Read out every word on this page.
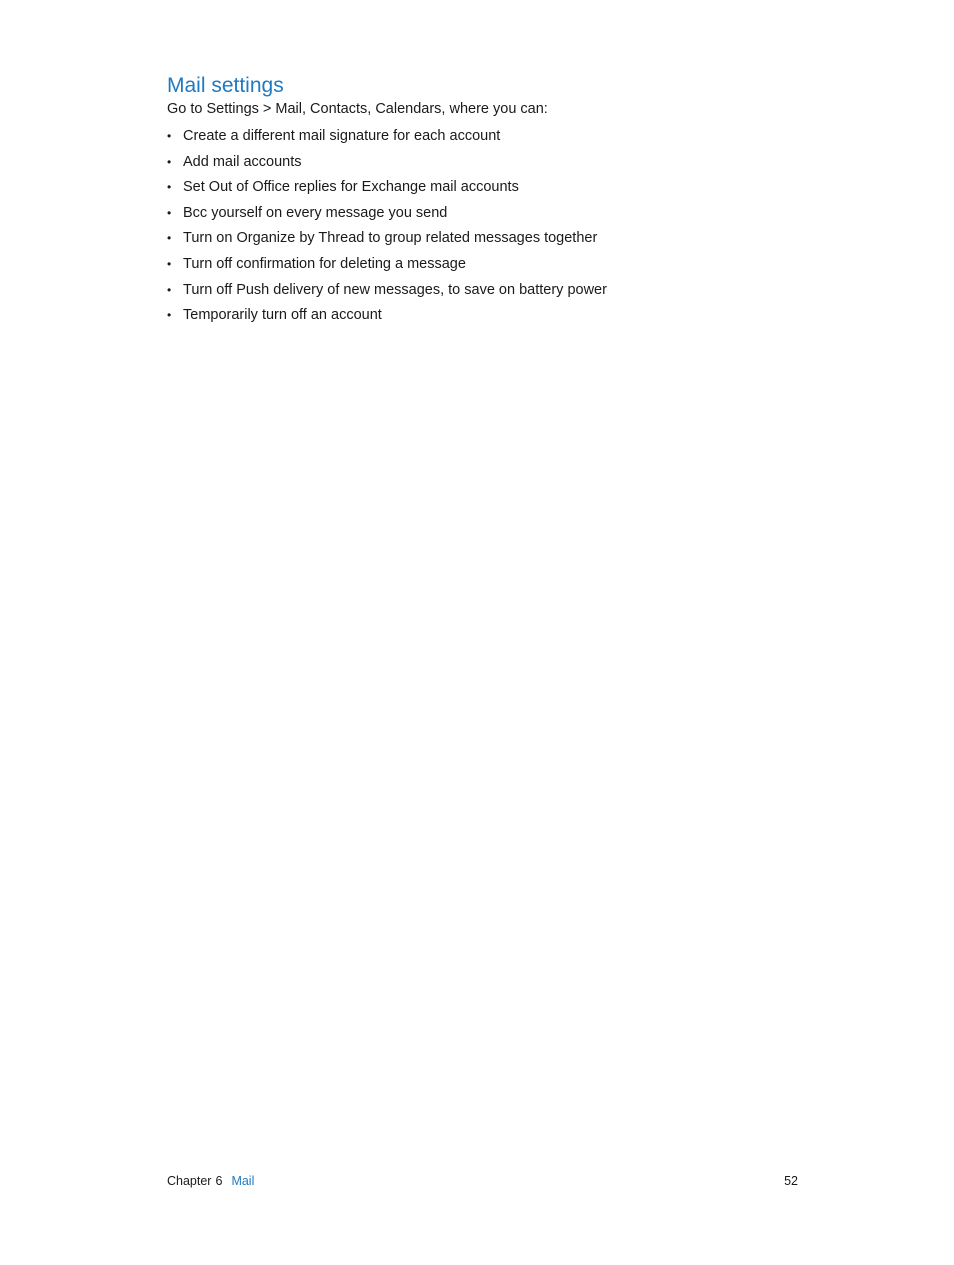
Mail settings

Go to Settings > Mail, Contacts, Calendars, where you can:

• Create a different mail signature for each account
• Add mail accounts
• Set Out of Office replies for Exchange mail accounts
• Bcc yourself on every message you send
• Turn on Organize by Thread to group related messages together
• Turn off confirmation for deleting a message
• Turn off Push delivery of new messages, to save on battery power
• Temporarily turn off an account
Chapter 6 Mail	52
